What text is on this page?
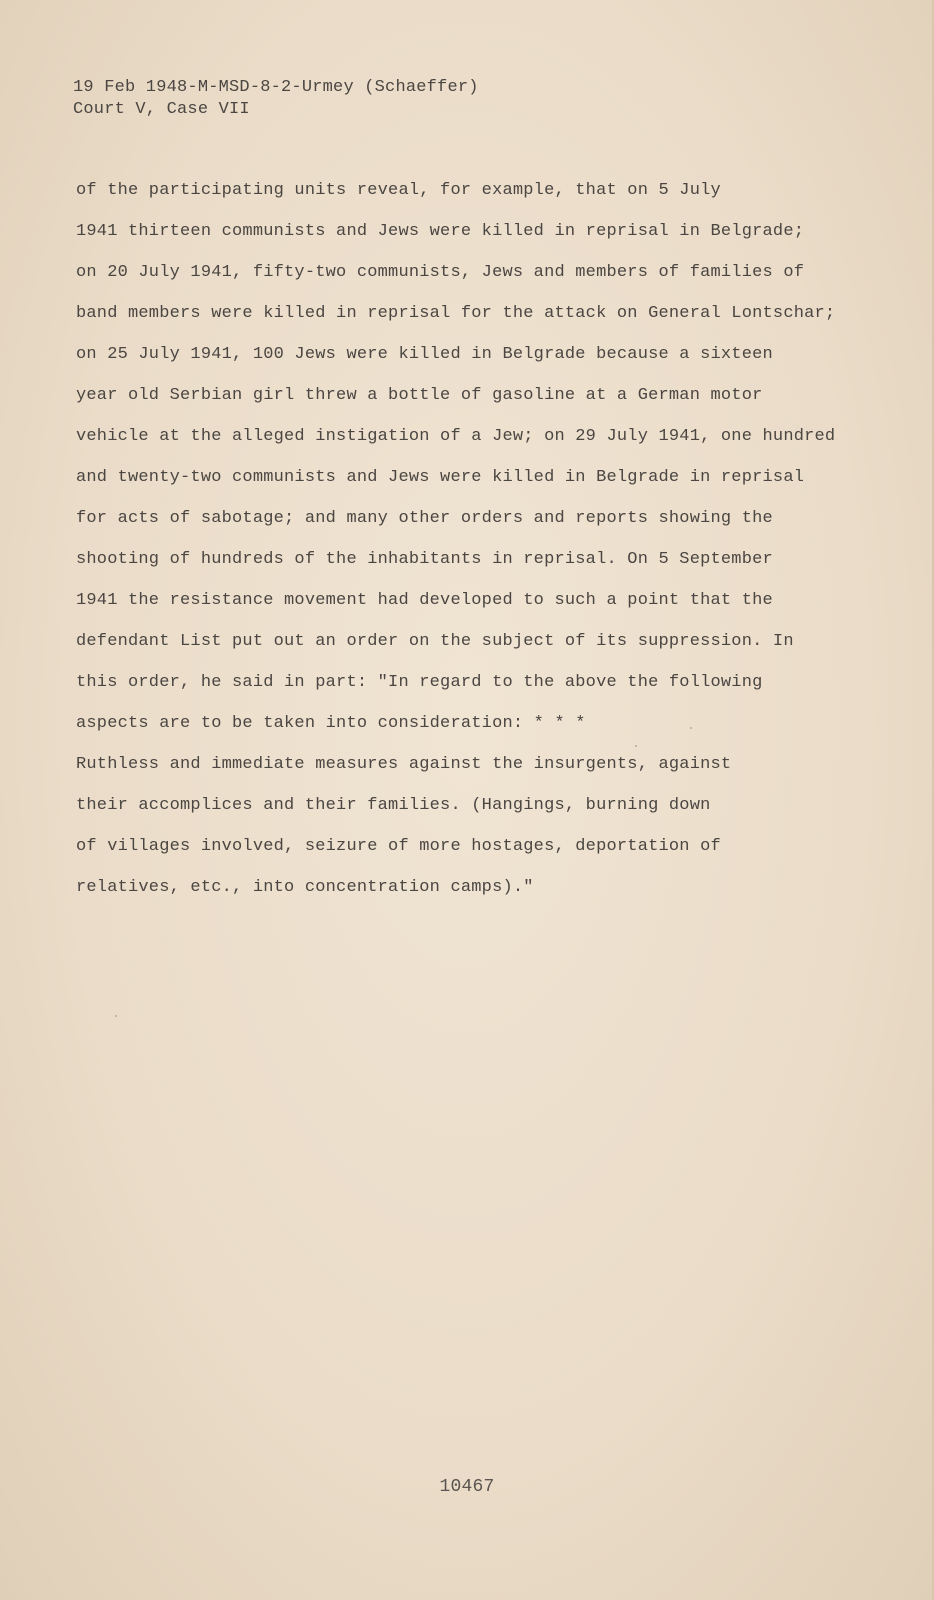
19 Feb 1948-M-MSD-8-2-Urmey (Schaeffer)
Court V, Case VII
of the participating units reveal, for example, that on 5 July
1941 thirteen communists and Jews were killed in reprisal in Belgrade;
on 20 July 1941, fifty-two communists, Jews and members of families of
band members were killed in reprisal for the attack on General Lontschar;
on 25 July 1941, 100 Jews were killed in Belgrade because a sixteen
year old Serbian girl threw a bottle of gasoline at a German motor
vehicle at the alleged instigation of a Jew; on 29 July 1941, one hundred
and twenty-two communists and Jews were killed in Belgrade in reprisal
for acts of sabotage; and many other orders and reports showing the
shooting of hundreds of the inhabitants in reprisal. On 5 September
1941 the resistance movement had developed to such a point that the
defendant List put out an order on the subject of its suppression. In
this order, he said in part: "In regard to the above the following
aspects are to be taken into consideration: * * *
Ruthless and immediate measures against the insurgents, against
their accomplices and their families. (Hangings, burning down
of villages involved, seizure of more hostages, deportation of
relatives, etc., into concentration camps)."
10467
